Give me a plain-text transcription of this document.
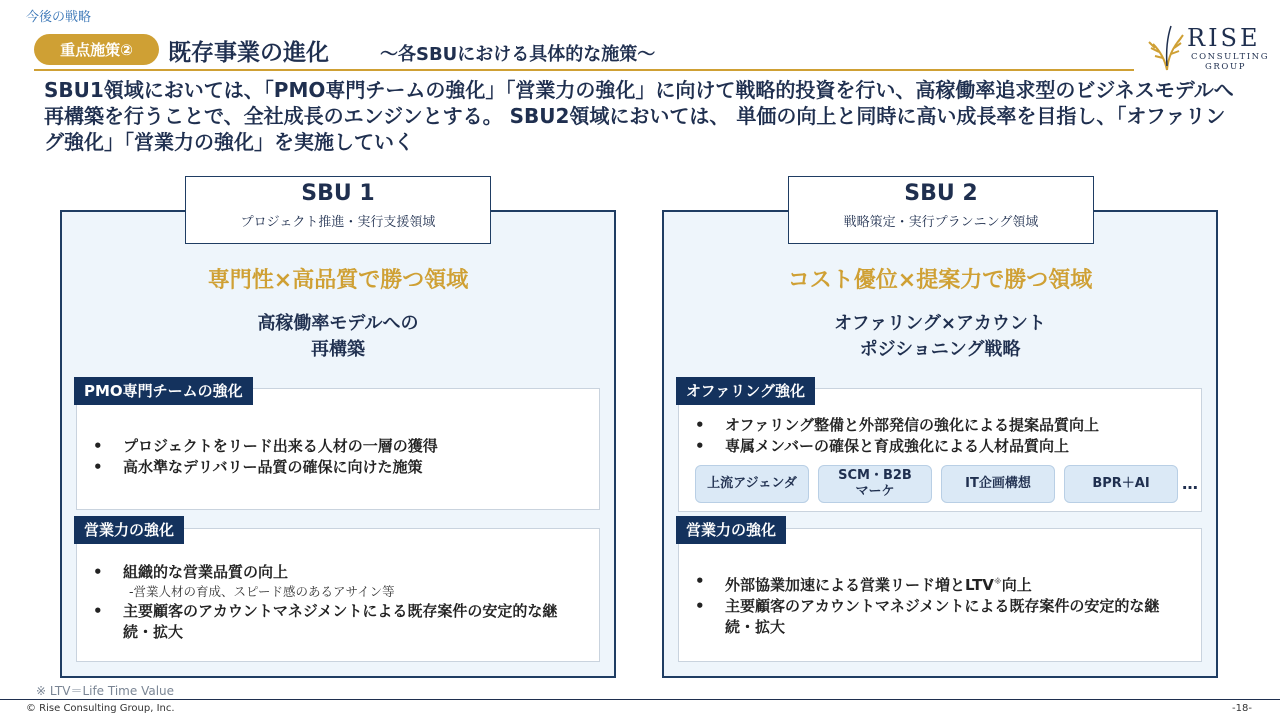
今後の戦略
重点施策②	既存事業の進化	～各SBUにおける具体的な施策～
RISE
CONSULTING
GROUP
SBU1領域においては、「PMO専門チームの強化」「営業力の強化」に向けて戦略的投資を行い、高稼働率追求型のビジネスモデルへ再構築を行うことで、全社成長のエンジンとする。 SBU2領域においては、 単価の向上と同時に高い成長率を目指し、「オファリング強化」「営業力の強化」を実施していく
SBU 1
プロジェクト推進・実行支援領域
専門性×高品質で勝つ領域
高稼働率モデルへの
再構築
• プロジェクトをリード出来る人材の一層の獲得
• 高水準なデリバリー品質の確保に向けた施策
PMO専門チームの強化
• 組織的な営業品質の向上
-営業人材の育成、スピード感のあるアサイン等
• 主要顧客のアカウントマネジメントによる既存案件の安定的な継続・拡大
営業力の強化
SBU 2
戦略策定・実行プランニング領域
コスト優位×提案力で勝つ領域
オファリング×アカウント
ポジショニング戦略
• オファリング整備と外部発信の強化による提案品質向上
• 専属メンバーの確保と育成強化による人材品質向上
オファリング強化
上流アジェンダ
SCM・B2B
マーケ
IT企画構想	BPR＋AI	…
• 外部協業加速による営業リード増とLTV※向上
• 主要顧客のアカウントマネジメントによる既存案件の安定的な継続・拡大
営業力の強化
※ LTV＝Life Time Value
© Rise Consulting Group, Inc.	-18-
